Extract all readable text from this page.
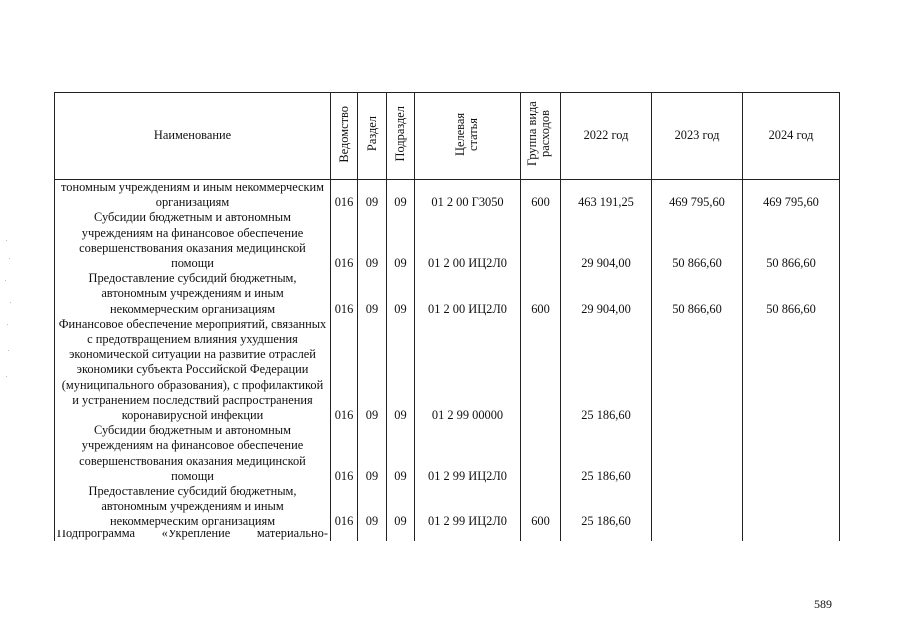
Наименование	Ведомство	Раздел	Подраздел	Целевая статья	Группа вида расходов	2022 год	2023 год	2024 год
тономным учреждениям и иным некоммерческим организациям	016	09	09	01 2 00 Г3050	600	463 191,25	469 795,60	469 795,60
Субсидии бюджетным и автономным учреждениям на финансовое обеспечение совершенствования оказания медицинской помощи	016	09	09	01 2 00 ИЦ2Л0		29 904,00	50 866,60	50 866,60
Предоставление субсидий бюджетным, автономным учреждениям и иным некоммерческим организациям	016	09	09	01 2 00 ИЦ2Л0	600	29 904,00	50 866,60	50 866,60
Финансовое обеспечение мероприятий, связанных с предотвращением влияния ухудшения экономической ситуации на развитие отраслей экономики субъекта Российской Федерации (муниципального образования), с профилактикой и устранением последствий распространения коронавирусной инфекции	016	09	09	01 2 99 00000		25 186,60		
Субсидии бюджетным и автономным учреждениям на финансовое обеспечение совершенствования оказания медицинской помощи	016	09	09	01 2 99 ИЦ2Л0		25 186,60		
Предоставление субсидий бюджетным, автономным учреждениям и иным некоммерческим организациям	016	09	09	01 2 99 ИЦ2Л0	600	25 186,60		

Подпрограмма «Укрепление материально-								

589
